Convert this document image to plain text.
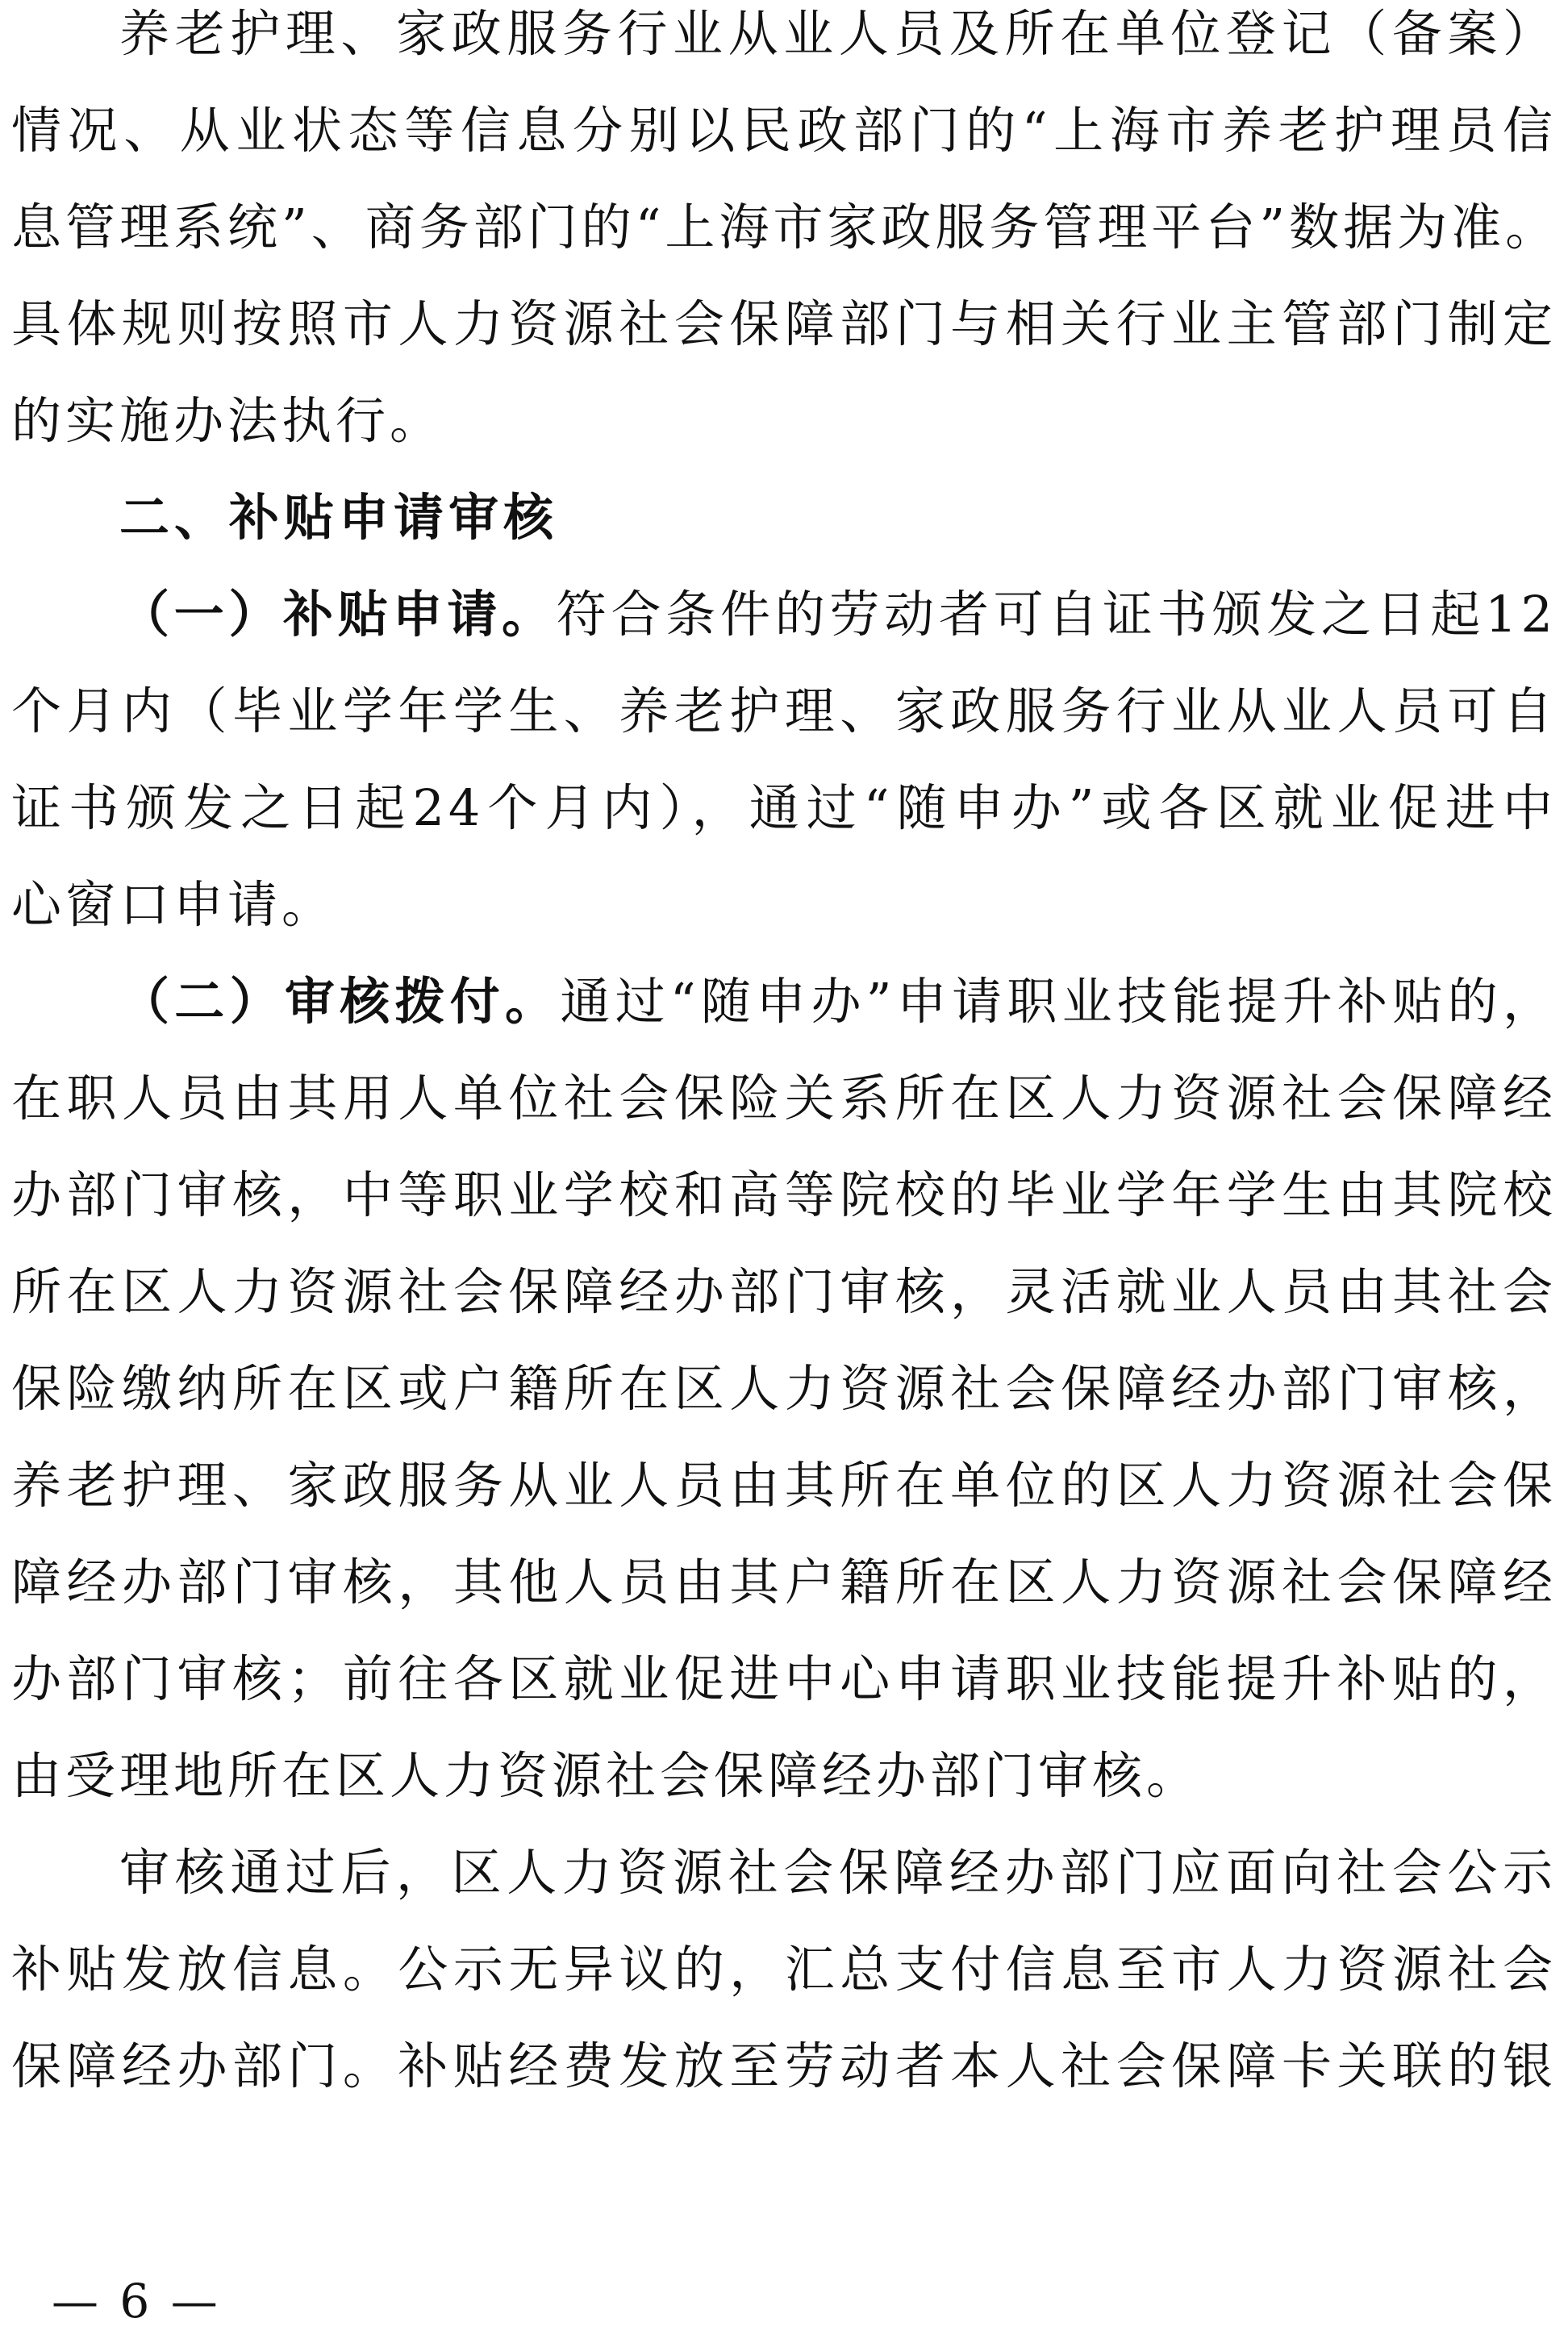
养老护理、家政服务行业从业人员及所在单位登记（备案）
情况、从业状态等信息分别以民政部门的“上海市养老护理员信
息管理系统”、商务部门的“上海市家政服务管理平台”数据为准。
具体规则按照市人力资源社会保障部门与相关行业主管部门制定
的实施办法执行。
二、补贴申请审核
（一）补贴申请。符合条件的劳动者可自证书颁发之日起12
个月内（毕业学年学生、养老护理、家政服务行业从业人员可自
证书颁发之日起24个月内），通过“随申办”或各区就业促进中
心窗口申请。
（二）审核拨付。通过“随申办”申请职业技能提升补贴的，
在职人员由其用人单位社会保险关系所在区人力资源社会保障经
办部门审核，中等职业学校和高等院校的毕业学年学生由其院校
所在区人力资源社会保障经办部门审核，灵活就业人员由其社会
保险缴纳所在区或户籍所在区人力资源社会保障经办部门审核，
养老护理、家政服务从业人员由其所在单位的区人力资源社会保
障经办部门审核，其他人员由其户籍所在区人力资源社会保障经
办部门审核；前往各区就业促进中心申请职业技能提升补贴的，
由受理地所在区人力资源社会保障经办部门审核。
审核通过后，区人力资源社会保障经办部门应面向社会公示
补贴发放信息。公示无异议的，汇总支付信息至市人力资源社会
保障经办部门。补贴经费发放至劳动者本人社会保障卡关联的银
— 6 —
